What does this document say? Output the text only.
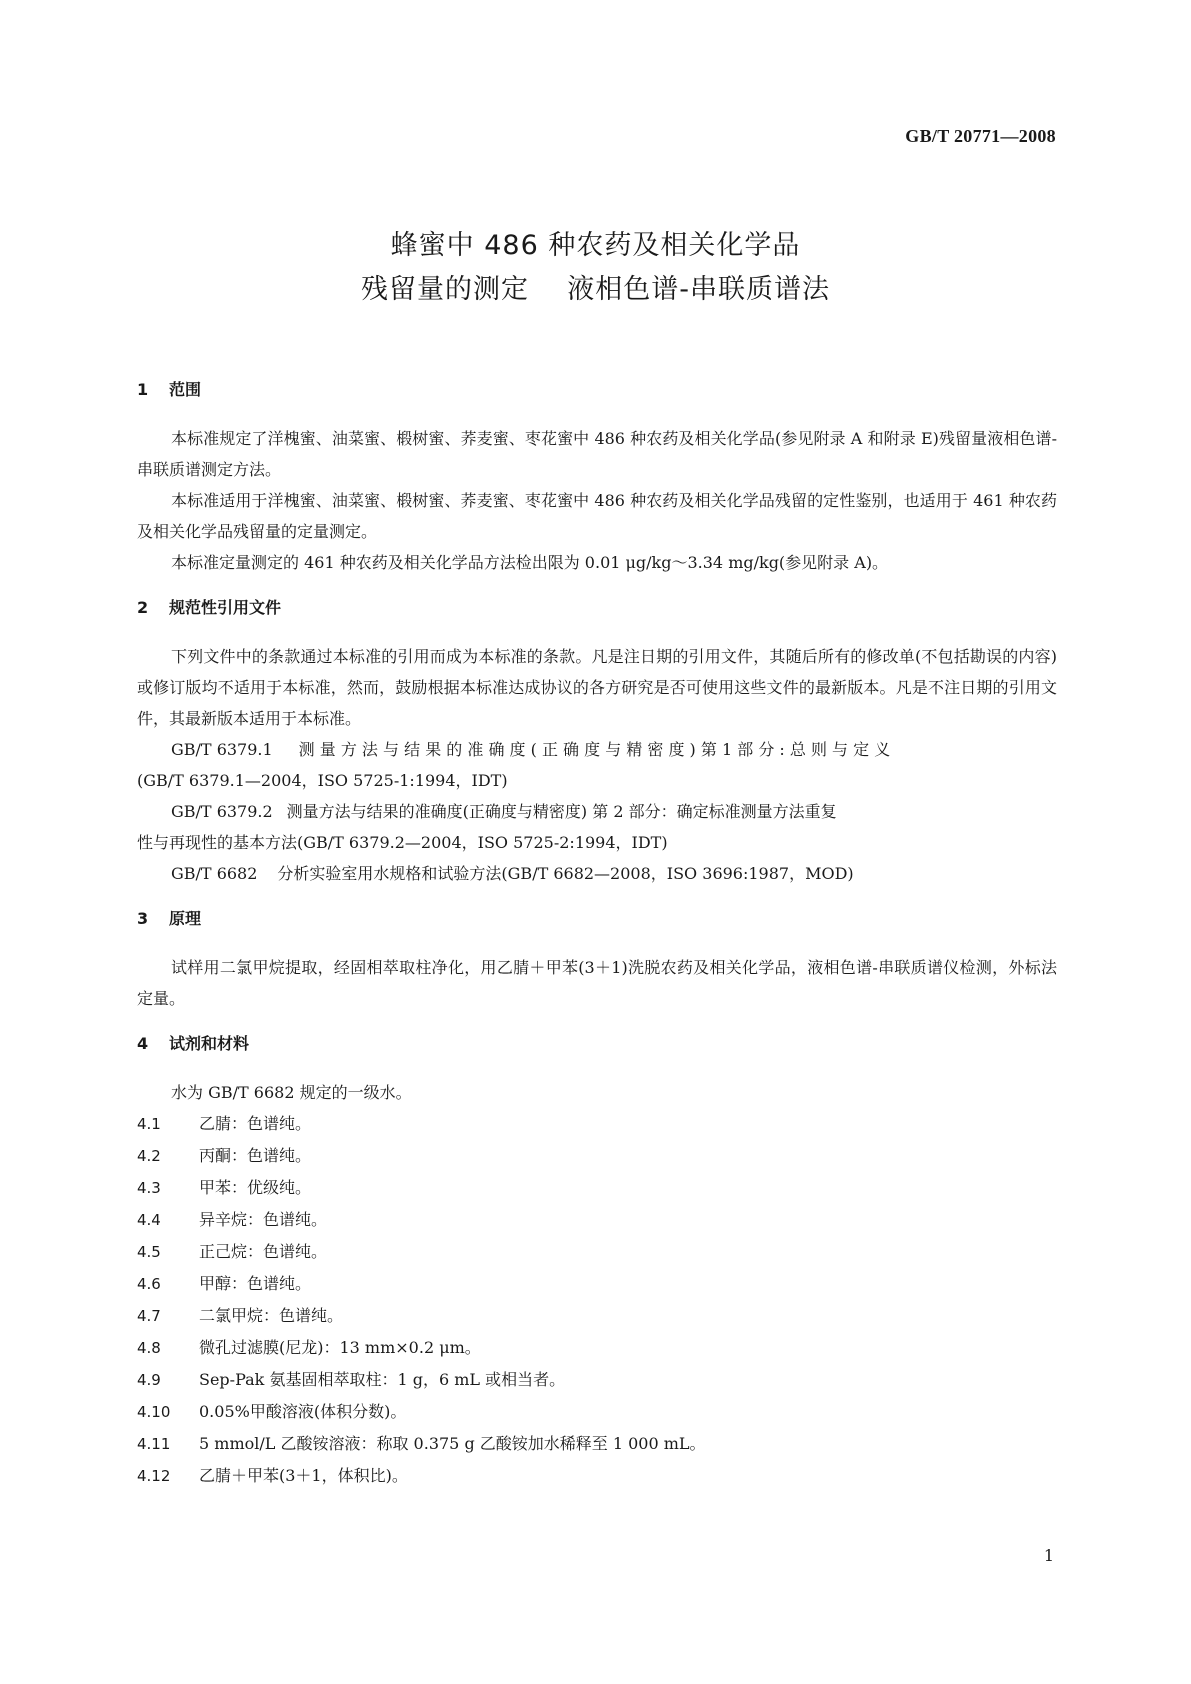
GB/T 20771—2008
蜂蜜中 486 种农药及相关化学品
残留量的测定    液相色谱-串联质谱法
1 范围

本标准规定了洋槐蜜、油菜蜜、椴树蜜、荞麦蜜、枣花蜜中 486 种农药及相关化学品(参见附录 A 和附录 E)残留量液相色谱-串联质谱测定方法。

本标准适用于洋槐蜜、油菜蜜、椴树蜜、荞麦蜜、枣花蜜中 486 种农药及相关化学品残留的定性鉴别，也适用于 461 种农药及相关化学品残留量的定量测定。

本标准定量测定的 461 种农药及相关化学品方法检出限为 0.01 μg/kg～3.34 mg/kg(参见附录 A)。

2 规范性引用文件

下列文件中的条款通过本标准的引用而成为本标准的条款。凡是注日期的引用文件，其随后所有的修改单(不包括勘误的内容)或修订版均不适用于本标准，然而，鼓励根据本标准达成协议的各方研究是否可使用这些文件的最新版本。凡是不注日期的引用文件，其最新版本适用于本标准。

GB/T 6379.1 测 量 方 法 与 结 果 的 准 确 度 ( 正 确 度 与 精 密 度 ) 第 1 部 分 : 总 则 与 定 义

(GB/T 6379.1—2004，ISO 5725-1:1994，IDT)

GB/T 6379.2 测量方法与结果的准确度(正确度与精密度) 第 2 部分：确定标准测量方法重复

性与再现性的基本方法(GB/T 6379.2—2004，ISO 5725-2:1994，IDT)

GB/T 6682 分析实验室用水规格和试验方法(GB/T 6682—2008，ISO 3696:1987，MOD)

3 原理

试样用二氯甲烷提取，经固相萃取柱净化，用乙腈＋甲苯(3＋1)洗脱农药及相关化学品，液相色谱-串联质谱仪检测，外标法定量。

4 试剂和材料

水为 GB/T 6682 规定的一级水。

4.1 乙腈：色谱纯。

4.2 丙酮：色谱纯。

4.3 甲苯：优级纯。

4.4 异辛烷：色谱纯。

4.5 正己烷：色谱纯。

4.6 甲醇：色谱纯。

4.7 二氯甲烷：色谱纯。

4.8 微孔过滤膜(尼龙)：13 mm×0.2 μm。

4.9 Sep-Pak 氨基固相萃取柱：1 g，6 mL 或相当者。

4.10 0.05%甲酸溶液(体积分数)。

4.11 5 mmol/L 乙酸铵溶液：称取 0.375 g 乙酸铵加水稀释至 1 000 mL。

4.12 乙腈＋甲苯(3＋1，体积比)。

1
